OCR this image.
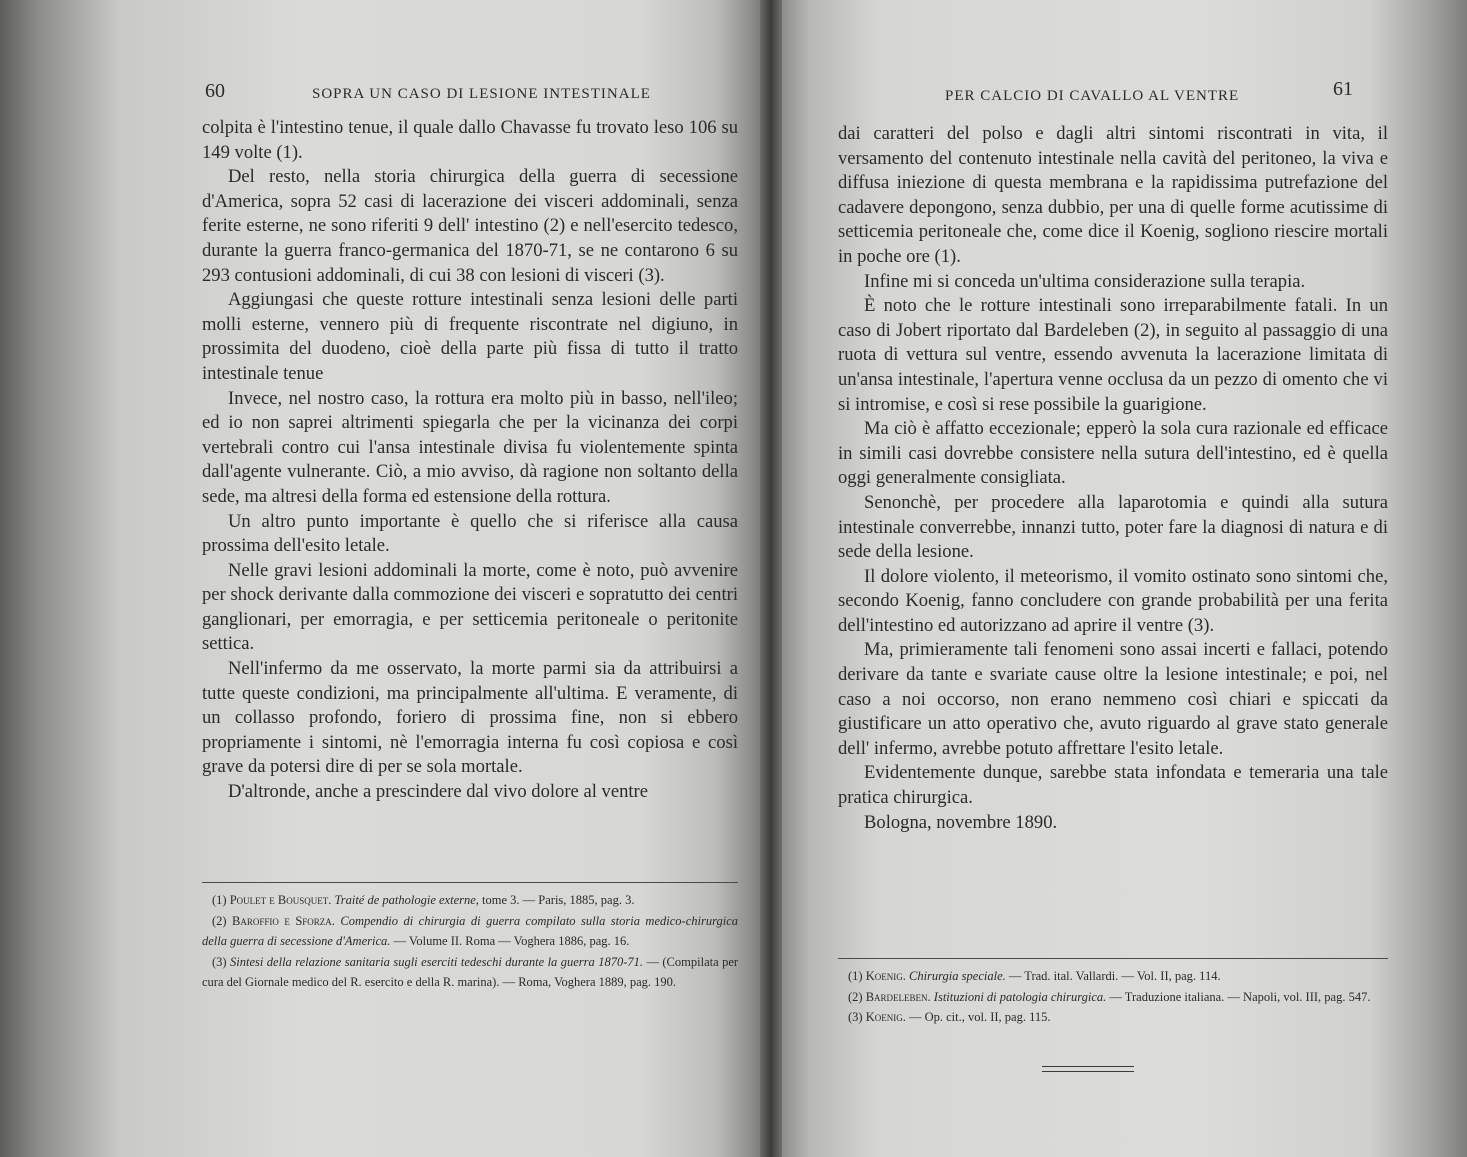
60	SOPRA UN CASO DI LESIONE INTESTINALE

colpita è l'intestino tenue, il quale dallo Chavasse fu trovato leso 106 su 149 volte (1).

Del resto, nella storia chirurgica della guerra di secessione d'America, sopra 52 casi di lacerazione dei visceri addominali, senza ferite esterne, ne sono riferiti 9 dell' intestino (2) e nell'esercito tedesco, durante la guerra franco-germanica del 1870-71, se ne contarono 6 su 293 contusioni addominali, di cui 38 con lesioni di visceri (3).

Aggiungasi che queste rotture intestinali senza lesioni delle parti molli esterne, vennero più di frequente riscontrate nel digiuno, in prossimita del duodeno, cioè della parte più fissa di tutto il tratto intestinale tenue

Invece, nel nostro caso, la rottura era molto più in basso, nell'ileo; ed io non saprei altrimenti spiegarla che per la vicinanza dei corpi vertebrali contro cui l'ansa intestinale divisa fu violentemente spinta dall'agente vulnerante. Ciò, a mio avviso, dà ragione non soltanto della sede, ma altresi della forma ed estensione della rottura.

Un altro punto importante è quello che si riferisce alla causa prossima dell'esito letale.

Nelle gravi lesioni addominali la morte, come è noto, può avvenire per shock derivante dalla commozione dei visceri e sopratutto dei centri ganglionari, per emorragia, e per setticemia peritoneale o peritonite settica.

Nell'infermo da me osservato, la morte parmi sia da attribuirsi a tutte queste condizioni, ma principalmente all'ultima. E veramente, di un collasso profondo, foriero di prossima fine, non si ebbero propriamente i sintomi, nè l'emorragia interna fu così copiosa e così grave da potersi dire di per se sola mortale.

D'altronde, anche a prescindere dal vivo dolore al ventre

(1) Poulet e Bousquet. Traité de pathologie externe, tome 3. — Paris, 1885, pag. 3.

(2) Baroffio e Sforza. Compendio di chirurgia di guerra compilato sulla storia medico-chirurgica della guerra di secessione d'America. — Volume II. Roma — Voghera 1886, pag. 16.

(3) Sintesi della relazione sanitaria sugli eserciti tedeschi durante la guerra 1870-71. — (Compilata per cura del Giornale medico del R. esercito e della R. marina). — Roma, Voghera 1889, pag. 190.

PER CALCIO DI CAVALLO AL VENTRE	61

dai caratteri del polso e dagli altri sintomi riscontrati in vita, il versamento del contenuto intestinale nella cavità del peritoneo, la viva e diffusa iniezione di questa membrana e la rapidissima putrefazione del cadavere depongono, senza dubbio, per una di quelle forme acutissime di setticemia peritoneale che, come dice il Koenig, sogliono riescire mortali in poche ore (1).

Infine mi si conceda un'ultima considerazione sulla terapia.

È noto che le rotture intestinali sono irreparabilmente fatali. In un caso di Jobert riportato dal Bardeleben (2), in seguito al passaggio di una ruota di vettura sul ventre, essendo avvenuta la lacerazione limitata di un'ansa intestinale, l'apertura venne occlusa da un pezzo di omento che vi si intromise, e così si rese possibile la guarigione.

Ma ciò è affatto eccezionale; epperò la sola cura razionale ed efficace in simili casi dovrebbe consistere nella sutura dell'intestino, ed è quella oggi generalmente consigliata.

Senonchè, per procedere alla laparotomia e quindi alla sutura intestinale converrebbe, innanzi tutto, poter fare la diagnosi di natura e di sede della lesione.

Il dolore violento, il meteorismo, il vomito ostinato sono sintomi che, secondo Koenig, fanno concludere con grande probabilità per una ferita dell'intestino ed autorizzano ad aprire il ventre (3).

Ma, primieramente tali fenomeni sono assai incerti e fallaci, potendo derivare da tante e svariate cause oltre la lesione intestinale; e poi, nel caso a noi occorso, non erano nemmeno così chiari e spiccati da giustificare un atto operativo che, avuto riguardo al grave stato generale dell' infermo, avrebbe potuto affrettare l'esito letale.

Evidentemente dunque, sarebbe stata infondata e temeraria una tale pratica chirurgica.

Bologna, novembre 1890.

(1) Koenig. Chirurgia speciale. — Trad. ital. Vallardi. — Vol. II, pag. 114.

(2) Bardeleben. Istituzioni di patologia chirurgica. — Traduzione italiana. — Napoli, vol. III, pag. 547.

(3) Koenig. — Op. cit., vol. II, pag. 115.
